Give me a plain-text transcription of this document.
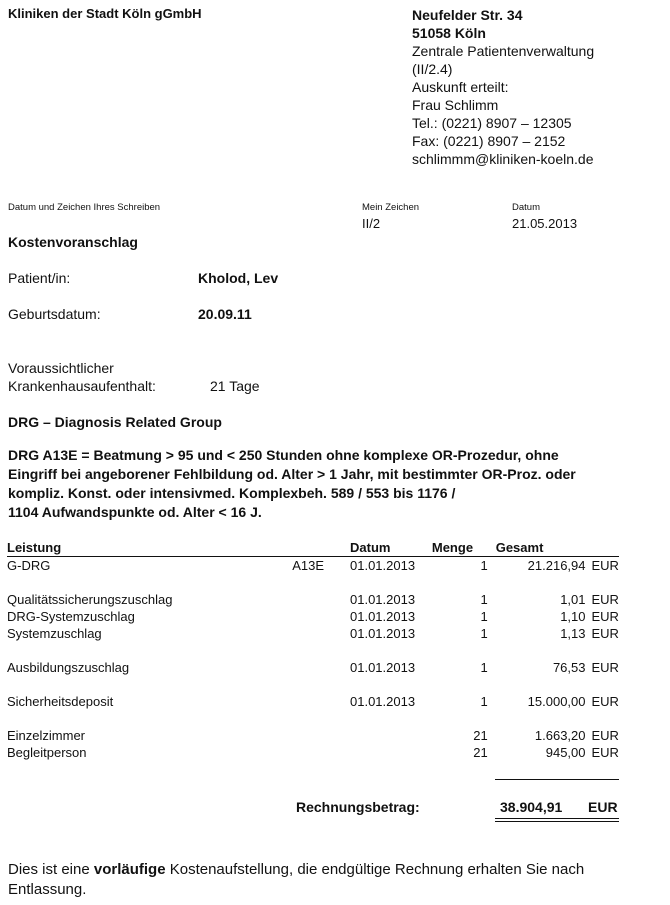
Kliniken der Stadt Köln gGmbH	Neufelder Str. 34
51058 Köln
Zentrale Patientenverwaltung
(II/2.4)
Auskunft erteilt:
Frau Schlimm
Tel.: (0221) 8907 – 12305
Fax: (0221) 8907 – 2152
schlimmm@kliniken-koeln.de
Datum und Zeichen Ihres Schreiben	Mein Zeichen
II/2
Datum
21.05.2013
Kostenvoranschlag
Patient/in:	Kholod, Lev
Geburtsdatum:	20.09.11
Voraussichtlicher
Krankenhausaufenthalt:	21 Tage
DRG – Diagnosis Related Group
DRG A13E = Beatmung > 95 und < 250 Stunden ohne komplexe OR-Prozedur, ohne
Eingriff bei angeborener Fehlbildung od. Alter > 1 Jahr, mit bestimmter OR-Proz. oder
kompliz. Konst. oder intensivmed. Komplexbeh. 589 / 553 bis 1176 /
1104 Aufwandspunkte od. Alter < 16 J.
Leistung		Datum	Menge	Gesamt	
G-DRG	A13E	01.01.2013	1	21.216,94	EUR

Qualitätssicherungszuschlag		01.01.2013	1	1,01	EUR
DRG-Systemzuschlag		01.01.2013	1	1,10	EUR
Systemzuschlag		01.01.2013	1	1,13	EUR

Ausbildungszuschlag		01.01.2013	1	76,53	EUR

Sicherheitsdeposit		01.01.2013	1	15.000,00	EUR

Einzelzimmer			21	1.663,20	EUR
Begleitperson			21	945,00	EUR
Rechnungsbetrag:	38.904,91 EUR
Dies ist eine vorläufige Kostenaufstellung, die endgültige Rechnung erhalten Sie nach
Entlassung.
